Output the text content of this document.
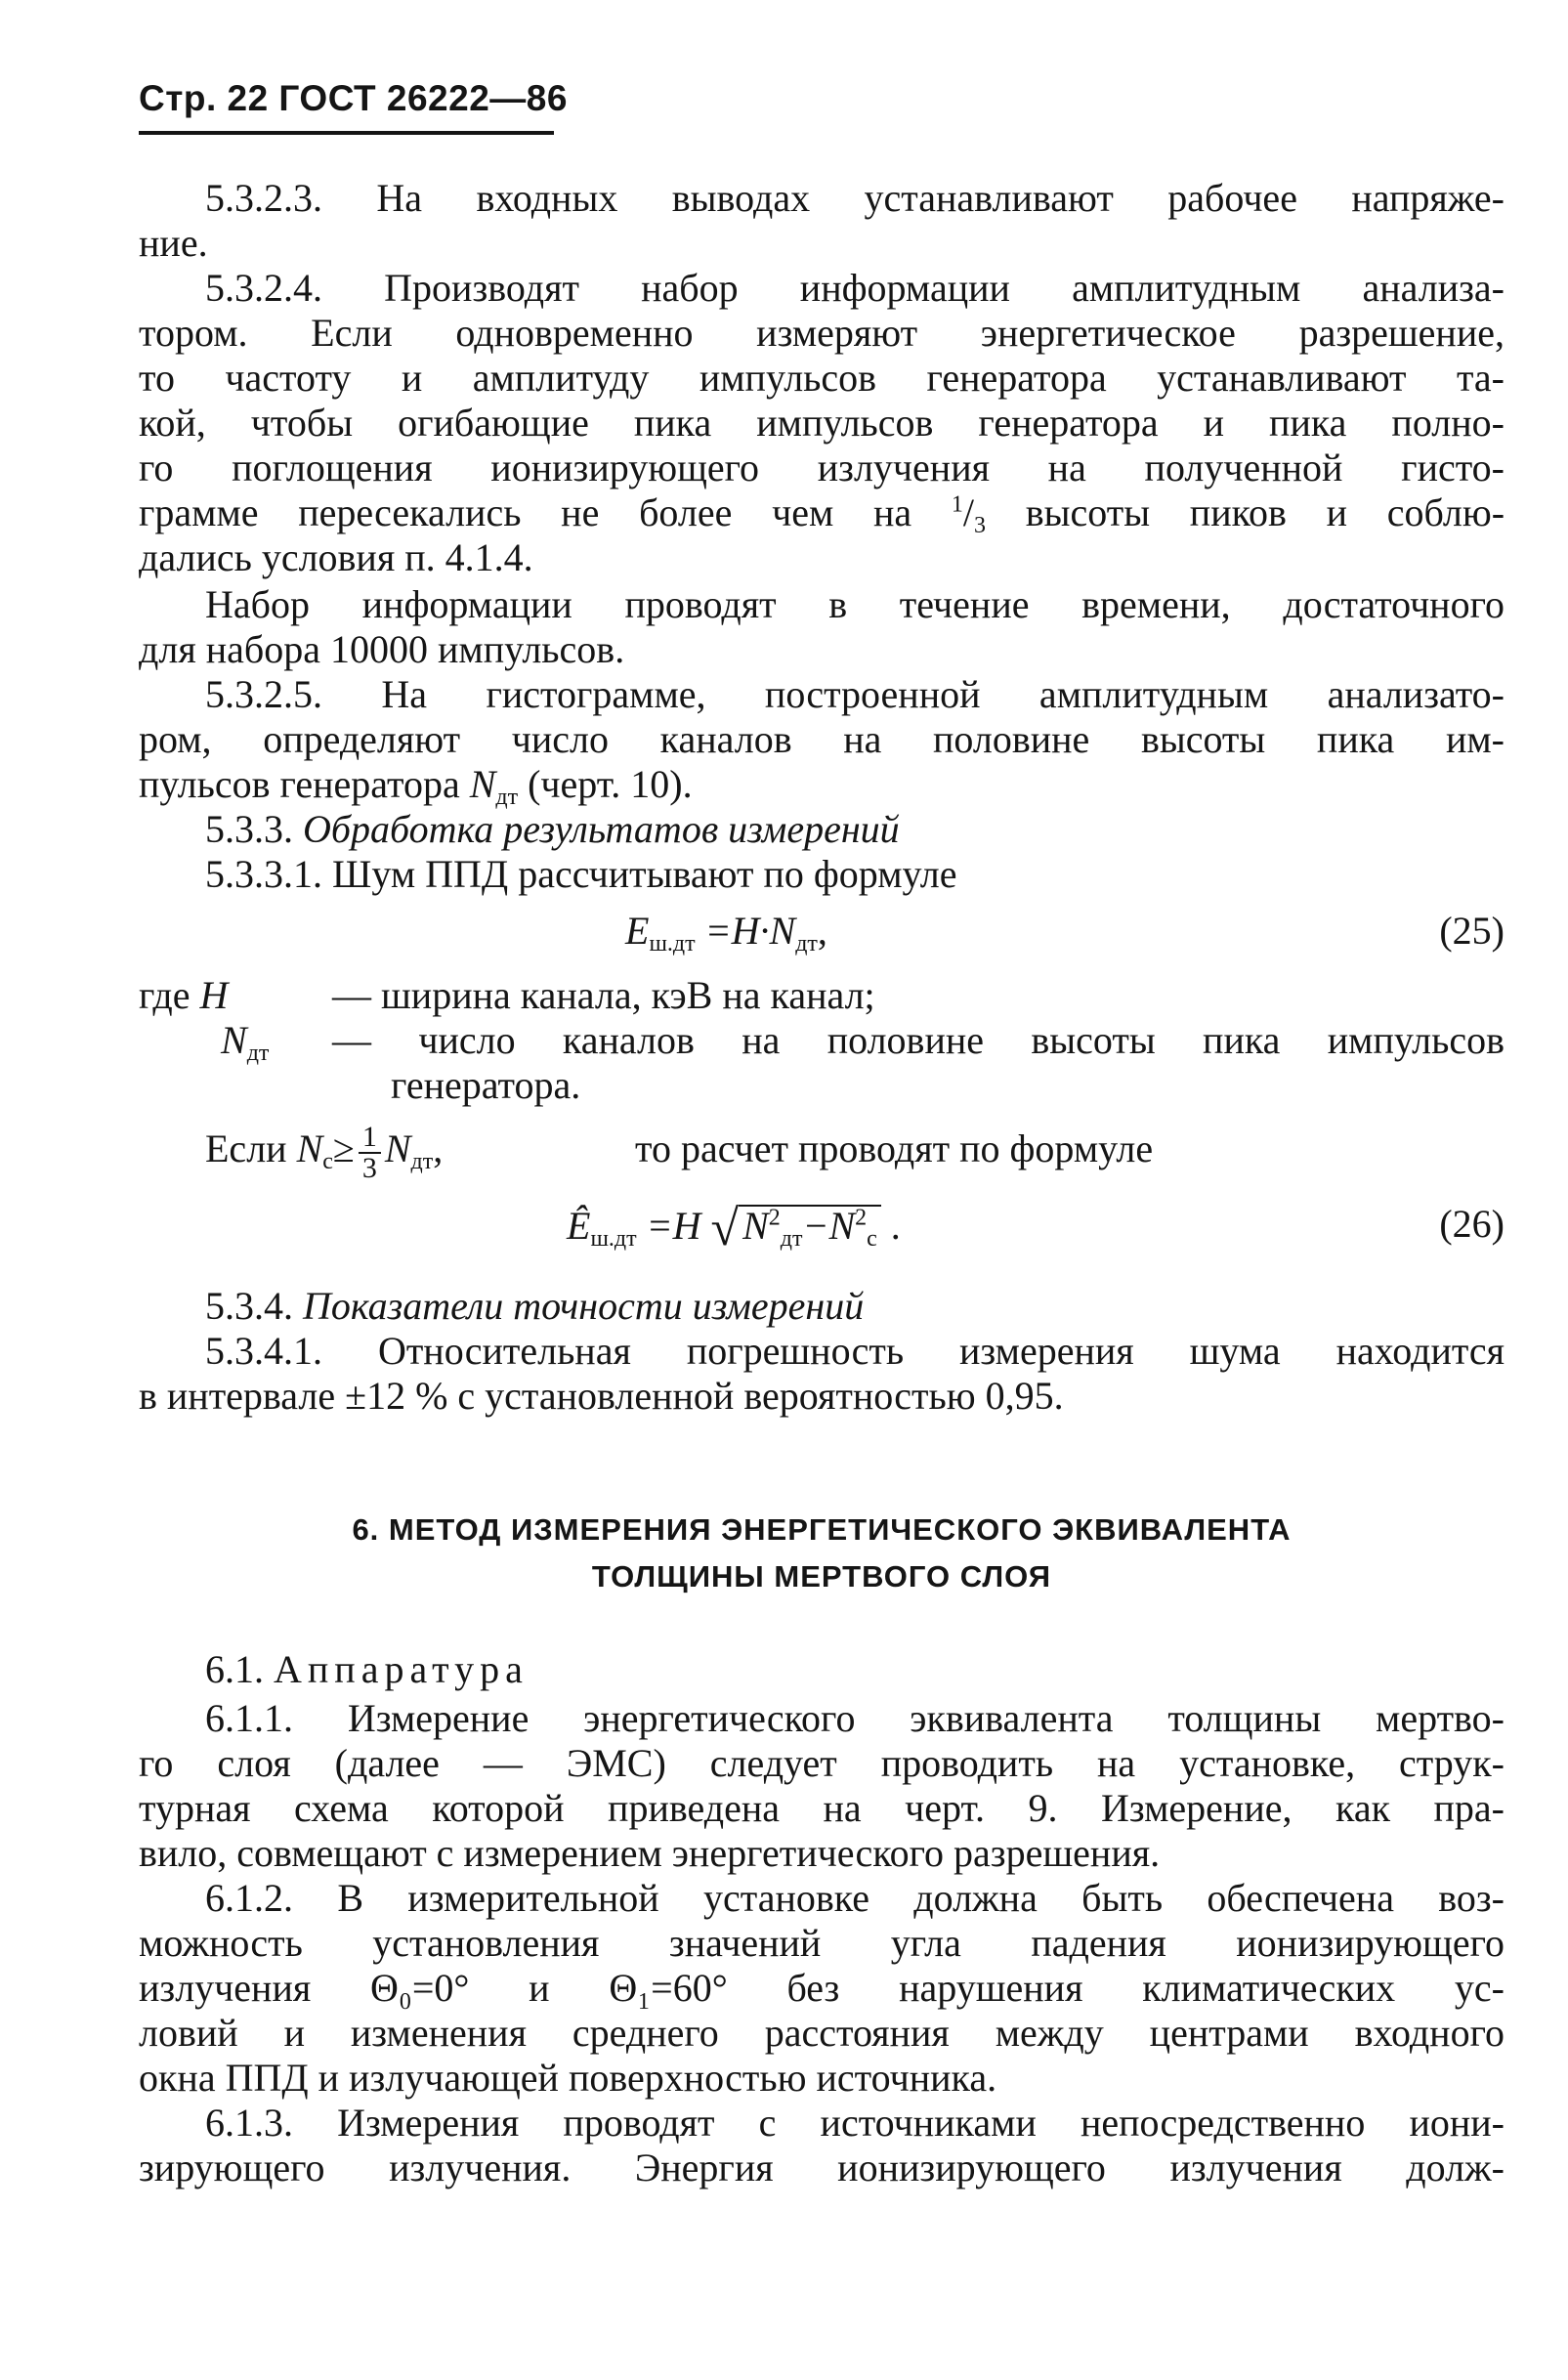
Стр. 22 ГОСТ 26222—86
5.3.2.3. На входных выводах устанавливают рабочее напряже-
ние.
5.3.2.4. Производят набор информации амплитудным анализа-
тором. Если одновременно измеряют энергетическое разрешение,
то частоту и амплитуду импульсов генератора устанавливают та-
кой, чтобы огибающие пика импульсов генератора и пика полно-
го поглощения ионизирующего излучения на полученной гисто-
грамме пересекались не более чем на $^1/_3$ высоты пиков и соблю-
дались условия п. 4.1.4.
Набор информации проводят в течение времени, достаточного
для набора 10000 импульсов.
5.3.2.5. На гистограмме, построенной амплитудным анализато-
ром, определяют число каналов на половине высоты пика им-
пульсов генератора $N_{дт}$ (черт. 10).
5.3.3. Обработка результатов измерений
5.3.3.1. Шум ППД рассчитывают по формуле
$E_{ш.дт} =H\cdot N_{дт}$,	(25)
где H	— ширина канала, кэВ на канал;
$N_{дт}$ — число каналов на половине высоты пика импульсов
генератора.
Если $N_с\ge \frac{1}{3} N_{дт}$,	то расчет проводят по формуле
$Ê_{ш.дт} =H$ √ $N^2_{дт}-N^2_с$ .	(26)
5.3.4. Показатели точности измерений
5.3.4.1. Относительная погрешность измерения шума находится
в интервале ±12 % с установленной вероятностью 0,95.
6. МЕТОД ИЗМЕРЕНИЯ ЭНЕРГЕТИЧЕСКОГО ЭКВИВАЛЕНТА
ТОЛЩИНЫ МЕРТВОГО СЛОЯ
6.1. Аппаратура
6.1.1. Измерение энергетического эквивалента толщины мертво-
го слоя (далее — ЭМС) следует проводить на установке, струк-
турная схема которой приведена на черт. 9. Измерение, как пра-
вило, совмещают с измерением энергетического разрешения.
6.1.2. В измерительной установке должна быть обеспечена воз-
можность установления значений угла падения ионизирующего
излучения Θ₀=0° и Θ₁=60° без нарушения климатических ус-
ловий и изменения среднего расстояния между центрами входного
окна ППД и излучающей поверхностью источника.
6.1.3. Измерения проводят с источниками непосредственно иони-
зирующего излучения. Энергия ионизирующего излучения долж-
